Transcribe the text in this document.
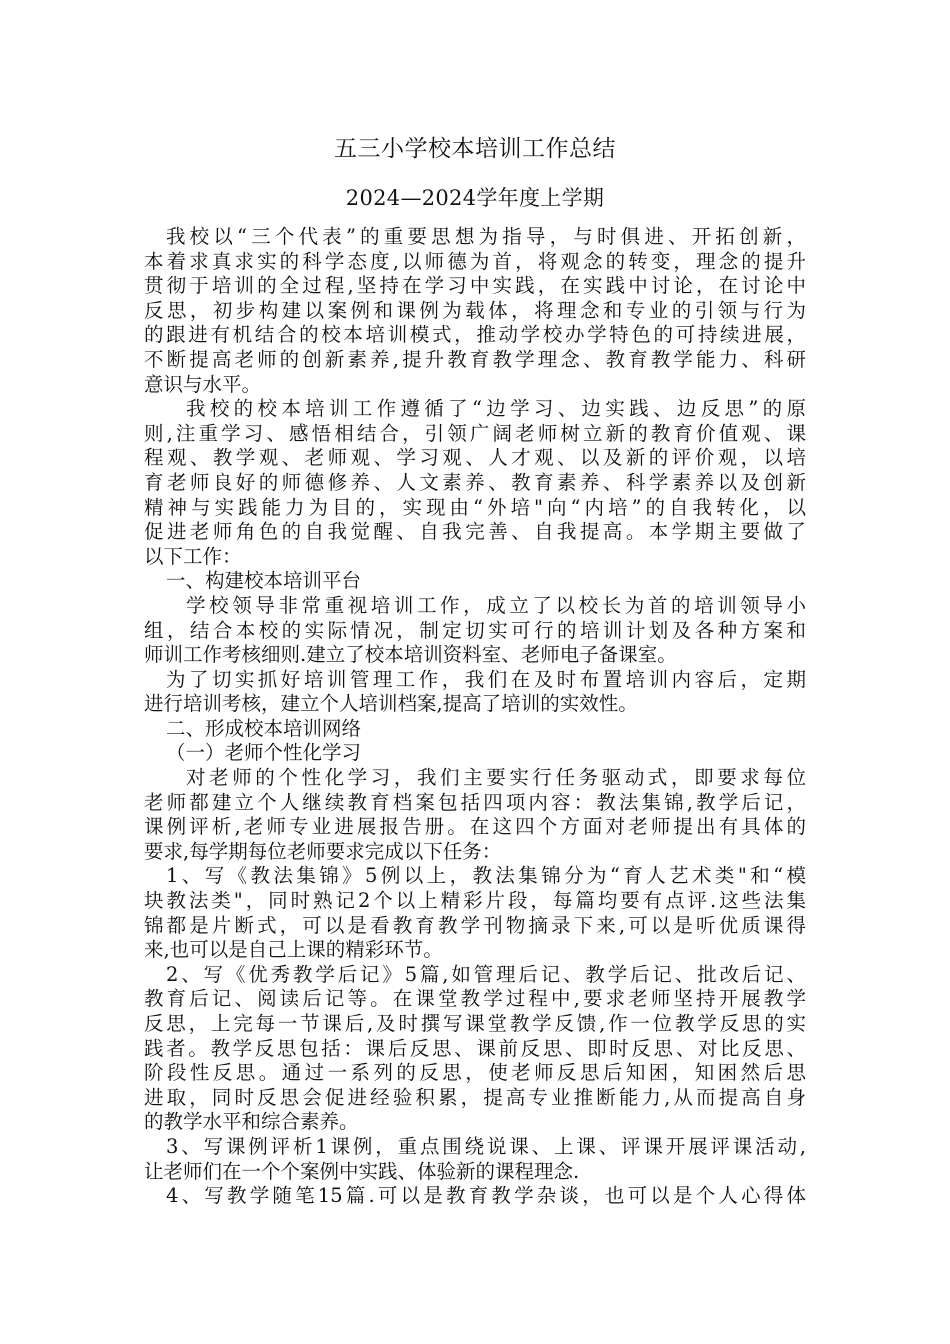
五三小学校本培训工作总结
2024—2024学年度上学期
我校以“三个代表”的重要思想为指导，与时俱进、开拓创新，
本着求真求实的科学态度,以师德为首，将观念的转变，理念的提升
贯彻于培训的全过程,坚持在学习中实践，在实践中讨论，在讨论中
反思，初步构建以案例和课例为载体，将理念和专业的引领与行为
的跟进有机结合的校本培训模式，推动学校办学特色的可持续进展，
不断提高老师的创新素养,提升教育教学理念、教育教学能力、科研
意识与水平。
我校的校本培训工作遵循了“边学习、边实践、边反思”的原
则,注重学习、感悟相结合，引领广阔老师树立新的教育价值观、课
程观、教学观、老师观、学习观、人才观、以及新的评价观，以培
育老师良好的师德修养、人文素养、教育素养、科学素养以及创新
精神与实践能力为目的，实现由“外培"向“内培”的自我转化，以
促进老师角色的自我觉醒、自我完善、自我提高。本学期主要做了
以下工作：
一、构建校本培训平台
学校领导非常重视培训工作，成立了以校长为首的培训领导小
组，结合本校的实际情况，制定切实可行的培训计划及各种方案和
师训工作考核细则.建立了校本培训资料室、老师电子备课室。
为了切实抓好培训管理工作，我们在及时布置培训内容后，定期
进行培训考核，建立个人培训档案,提高了培训的实效性。
二、形成校本培训网络
（一）老师个性化学习
对老师的个性化学习，我们主要实行任务驱动式，即要求每位
老师都建立个人继续教育档案包括四项内容：教法集锦,教学后记，
课例评析,老师专业进展报告册。在这四个方面对老师提出有具体的
要求,每学期每位老师要求完成以下任务：
1、写《教法集锦》5例以上，教法集锦分为“育人艺术类"和“模
块教法类"，同时熟记2个以上精彩片段，每篇均要有点评.这些法集
锦都是片断式，可以是看教育教学刊物摘录下来,可以是听优质课得
来,也可以是自己上课的精彩环节。
2、写《优秀教学后记》5篇,如管理后记、教学后记、批改后记、
教育后记、阅读后记等。在课堂教学过程中,要求老师坚持开展教学
反思，上完每一节课后,及时撰写课堂教学反馈,作一位教学反思的实
践者。教学反思包括：课后反思、课前反思、即时反思、对比反思、
阶段性反思。通过一系列的反思，使老师反思后知困，知困然后思
进取，同时反思会促进经验积累，提高专业推断能力,从而提高自身
的教学水平和综合素养。
3、写课例评析1课例，重点围绕说课、上课、评课开展评课活动,
让老师们在一个个案例中实践、体验新的课程理念.
4、写教学随笔15篇.可以是教育教学杂谈，也可以是个人心得体
